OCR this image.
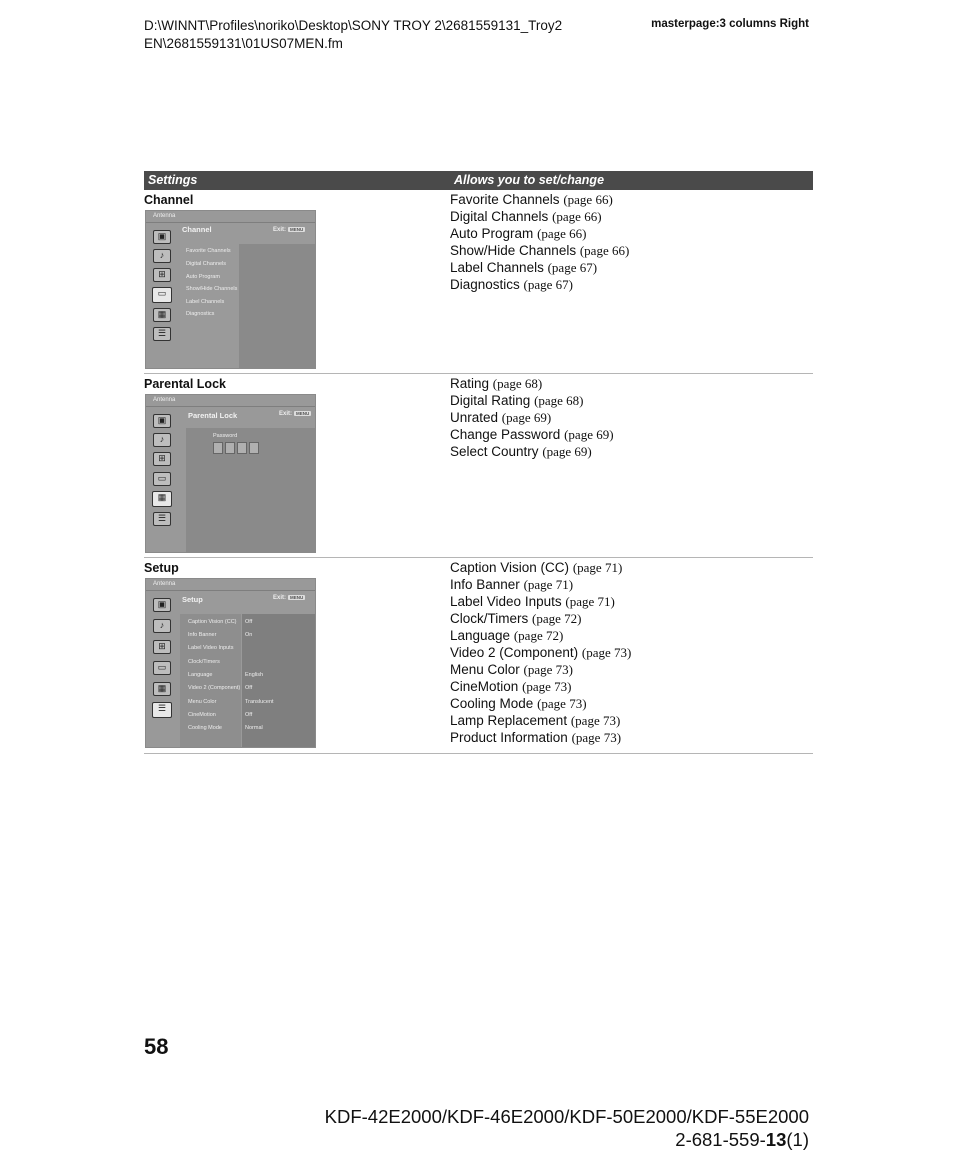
D:\WINNT\Profiles\noriko\Desktop\SONY TROY 2\2681559131_Troy2 EN\2681559131\01US07MEN.fm
masterpage:3 columns Right
Settings	Allows you to set/change
Channel	Favorite Channels (page 66)
Digital Channels (page 66)
Auto Program (page 66)
Show/Hide Channels (page 66)
Label Channels (page 67)
Diagnostics (page 67)
Antenna
▣
♪
⊞
▭
▦
☰
Channel	Exit: MENU
Favorite Channels
Digital Channels
Auto Program
Show/Hide Channels
Label Channels
Diagnostics
Parental Lock	Rating (page 68)
Digital Rating (page 68)
Unrated (page 69)
Change Password (page 69)
Select Country (page 69)
Antenna
▣
♪
⊞
▭
▦
☰
Parental Lock	Exit: MENU
Password
Setup	Caption Vision (CC) (page 71)
Info Banner (page 71)
Label Video Inputs (page 71)
Clock/Timers (page 72)
Language (page 72)
Video 2 (Component) (page 73)
Menu Color (page 73)
CineMotion (page 73)
Cooling Mode (page 73)
Lamp Replacement (page 73)
Product Information (page 73)
Antenna
▣
♪
⊞
▭
▦
☰
Setup	Exit: MENU
Caption Vision (CC) Off
Info Banner	On
Label Video Inputs
Clock/Timers
Language	English
Video 2 (Component) Off
Menu Color	Translucent
CineMotion	Off
Cooling Mode	Normal
58
KDF-42E2000/KDF-46E2000/KDF-50E2000/KDF-55E2000
2-681-559-13(1)
